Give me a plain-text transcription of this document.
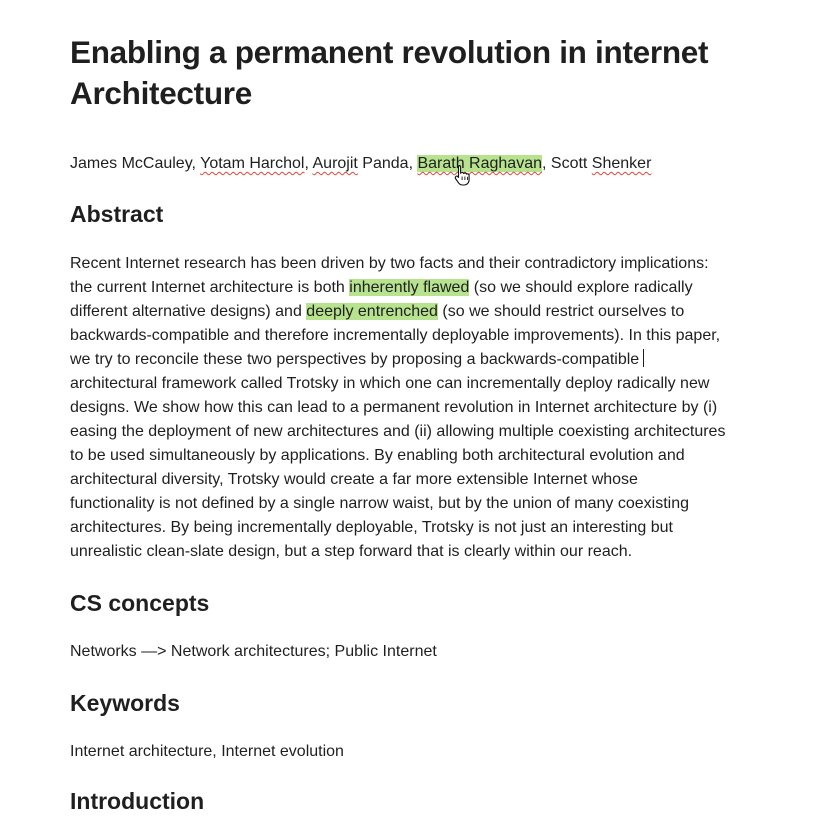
Enabling a permanent revolution in internet Architecture
James McCauley, Yotam Harchol, Aurojit Panda, Barath Raghavan, Scott Shenker
Abstract
Recent Internet research has been driven by two facts and their contradictory implications:
the current Internet architecture is both inherently flawed (so we should explore radically
different alternative designs) and deeply entrenched (so we should restrict ourselves to
backwards-compatible and therefore incrementally deployable improvements). In this paper,
we try to reconcile these two perspectives by proposing a backwards-compatible
architectural framework called Trotsky in which one can incrementally deploy radically new
designs. We show how this can lead to a permanent revolution in Internet architecture by (i)
easing the deployment of new architectures and (ii) allowing multiple coexisting architectures
to be used simultaneously by applications. By enabling both architectural evolution and
architectural diversity, Trotsky would create a far more extensible Internet whose
functionality is not defined by a single narrow waist, but by the union of many coexisting
architectures. By being incrementally deployable, Trotsky is not just an interesting but
unrealistic clean-slate design, but a step forward that is clearly within our reach.
CS concepts
Networks —> Network architectures; Public Internet
Keywords
Internet architecture, Internet evolution
Introduction
